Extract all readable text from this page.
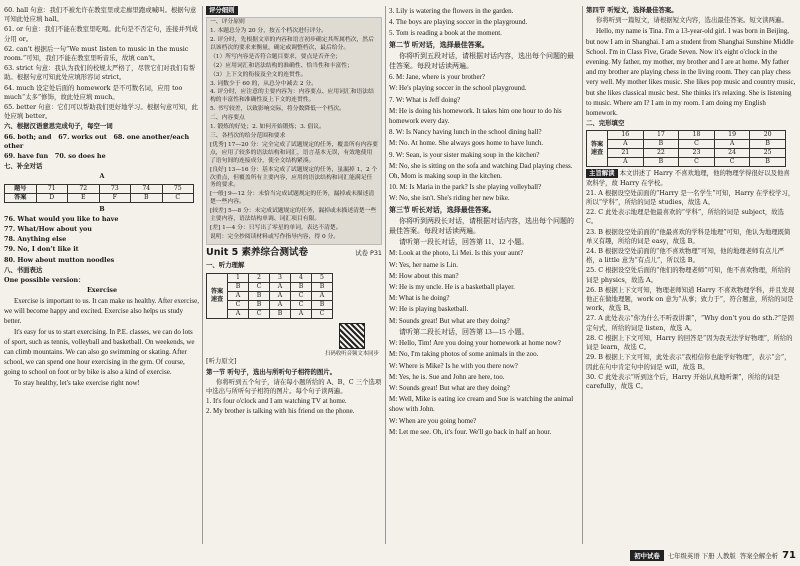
60. hall 句意：我们不被允许在教室里或走廊里跑或喊叫。根据句意可知此处应填 hall。

61. or 句意：我们不能在教室里吃喝。此句是不否定句，连接并列成分用 or。

62. can't 根据后一句“We must listen to music in the music room.”可知，我们不能在教室里听音乐，故填 can't。

63. strict 句意：我认为我们的校规太严格了，尽管它们对我们有帮助。根据句意可知此处应填形容词 strict。

64. much 设定处后面的 homework 是不可数名词，应用 too much“太多”修饰，故此处应填 much。

65. better 句意：它们可以帮助我们更好地学习。根据句意可知，此处应填 better。

六、根据汉语意思完成句子，每空一词

66. both; and 67. works out 68. one another/each other

69. have fun 70. so does he

七、补全对话

A

题号	71	72	73	74	75
答案	D	E	F	B	C

B

76. What would you like to have

77. What/How about you

78. Anything else

79. No, I don't like it

80. How about mutton noodles

八、书面表达

One possible version：

Exercise

Exercise is important to us. It can make us healthy. After exercise, we will become happy and excited. Exercise also helps us study better.

It's easy for us to start exercising. In P.E. classes, we can do lots of sport, such as tennis, volleyball and basketball. On weekends, we can climb mountains. We can also go swimming or skating. After school, we can spend one hour exercising in the gym. Of course, going to school on foot or by bike is also a kind of exercise.

To stay healthy, let's take exercise right now!

评分细则

一、评分原则

1. 本题总分为 20 分，按五个档次进行评分。

2. 评分时，先根据文章的内容和语言初步确定其所属档次，然后以该档次的要求来衡量，确定或调整档次，最后给分。

（1）所写内容是否符合题目要求，要点是否齐全；

（2）应用词汇和语法结构的准确性、恰当性和丰富性；

（3）上下文的衔接及全文的连贯性。

3. 词数少于 60 的，从总分中减去 2 分。

4. 评分时，应注意的主要内容为：内容要点、应用词汇和语法结构的丰富性和准确性及上下文的连贯性。

5. 书写较差，以致影响交际，将分数降低一个档次。

二、内容要点

1. 锻炼的好处；2. 如何开始锻炼；3. 倡议。

三、各档次的给分范围和要求

[优秀] 17—20 分：完全完成了试题规定的任务，覆盖所有内容要点，应用了较多的语法结构和词汇，语言基本无误，有效地使用了语句间的连接成分，使全文结构紧凑。

[良好] 13—16 分：基本完成了试题规定的任务，虽漏掉 1、2 个次重点，但覆盖所有主要内容，应用的语法结构和词汇能满足任务的要求。

[一般] 9—12 分：未恰当完成试题规定的任务，漏掉或未描述清楚一些内容。

[较差] 5—8 分：未完成试题规定的任务，漏掉或未描述清楚一些主要内容，语法结构单调、词汇项目有限。

[差] 1—4 分：只写出了零星的单词，表达不清楚。

说明：完全抄阅读材料或写作指导内容，得 0 分。

Unit 5 素养综合测试卷	试卷 P31

一、听力理解

答案速查	1	2	3	4	5
	B	C	A	B	B
	A	B	A	C	A
	C	B	A	C	B
	A	C	B	A	C
扫码收听音频文本同步

[听力原文]

第一节 听句子，选出与所听句子相符的图片。

你将听到五个句子，请在每小题所给的 A、B、C 三个选项中选出与所听句子相符的图片。每个句子读两遍。

1. It's four o'clock and I am watching TV at home.

2. My brother is talking with his friend on the phone.

3. Lily is watering the flowers in the garden.

4. The boys are playing soccer in the playground.

5. Tom is reading a book at the moment.

第二节 听对话，选择最佳答案。

你将听到五段对话，请根据对话内容，选出每个问题的最佳答案。每段对话读两遍。

6. M: Jane, where is your brother?

W: He's playing soccer in the school playground.

7. W: What is Jeff doing?

M: He is doing his homework. It takes him one hour to do his homework every day.

8. W: Is Nancy having lunch in the school dining hall?

M: No. At home. She always goes home to have lunch.

9. W: Sean, is your sister making soup in the kitchen?

M: No, she is sitting on the sofa and watching Dad playing chess. Oh, Mom is making soup in the kitchen.

10. M: Is Maria in the park? Is she playing volleyball?

W: No, she isn't. She's riding her new bike.

第三节 听长对话，选择最佳答案。

你将听到两段长对话，请根据对话内容，选出每个问题的最佳答案。每段对话读两遍。

请听第一段长对话，回答第 11、12 小题。

M: Look at the photo, Li Mei. Is this your aunt?

W: Yes, her name is Lin.

M: How about this man?

W: He is my uncle. He is a basketball player.

M: What is he doing?

W: He is playing basketball.

M: Sounds great! But what are they doing?

请听第二段长对话，回答第 13—15 小题。

W: Hello, Tim! Are you doing your homework at home now?

M: No, I'm taking photos of some animals in the zoo.

W: Where is Mike? Is he with you there now?

M: Yes, he is. Sue and John are here, too.

W: Sounds great! But what are they doing?

M: Well, Mike is eating ice cream and Sue is watching the animal show with John.

W: When are you going home?

M: Let me see. Oh, it's four. We'll go back in half an hour.

第四节 听短文，选择最佳答案。

你将听到一篇短文，请根据短文内容，选出最佳答案。短文读两遍。

Hello, my name is Tina. I'm a 13-year-old girl. I was born in Beijing, but now I am in Shanghai. I am a student from Shanghai Sunshine Middle School. I'm in Class Five, Grade Seven. Now it's eight o'clock in the evening. My father, my mother, my brother and I are at home. My father and my brother are playing chess in the living room. They can play chess very well. My mother likes music. She likes pop music and country music, but she likes classical music best. She thinks it's relaxing. She is listening to music. Where am I? I am in my room. I am doing my English homework.

二、完形填空

答案速查	16	17	18	19	20
	A	B	C	A	B
	21	22	23	24	25
	A	B	C	C	B

主旨解读 本文讲述了 Harry 不喜欢地理，他的物理学得很好以及他喜欢科学，故 Harry 在学校。

21. A 根据设空处前面的“Harry 是一名学生”可知，Harry 在学校学习，所以“学科”，所给的词是 studies，故选 A。

22. C 此处表示地理是他最喜欢的“学科”，所给的词是 subject，故选 C。

23. B 根据设空处前面的“他最喜欢的学科是地理”可知，他认为地理既简单又有趣，所给的词是 easy，故选 B。

24. B 根据设空处前面的“他不喜欢物理”可知，他的地理老师有点儿严格，a little 意为“有点儿”，所以选 B。

25. C 根据设空处后面的“他们的物理老师”可知，他不喜欢物理，所给的词是 physics，故选 A。

26. B 根据上下文可知，物理老师知道 Harry 不喜欢物理学科，并且发现他正在做地理题，work on 意为“从事；致力于”，符合题意，所给的词是 work，故选 B。

27. A 此处表示“你为什么不听我讲课”，“Why don't you do sth.?”是固定句式，所给的词是 listen，故选 A。

28. C 根据上下文可知，Harry 的回答是“因为我无法学好物理”，所给的词是 learn，故选 C。

29. B 根据上下文可知，此处表示“我相信你也能学好物理”，表示“会”，因此在句中肯定句中的词是 will，故选 B。

30. C 此处表示“听到这个后，Harry 开始认真地听课”，所给的词是 carefully，故选 C。

初中试卷	七年级英语 下册 人教版 答案全解全析 71
